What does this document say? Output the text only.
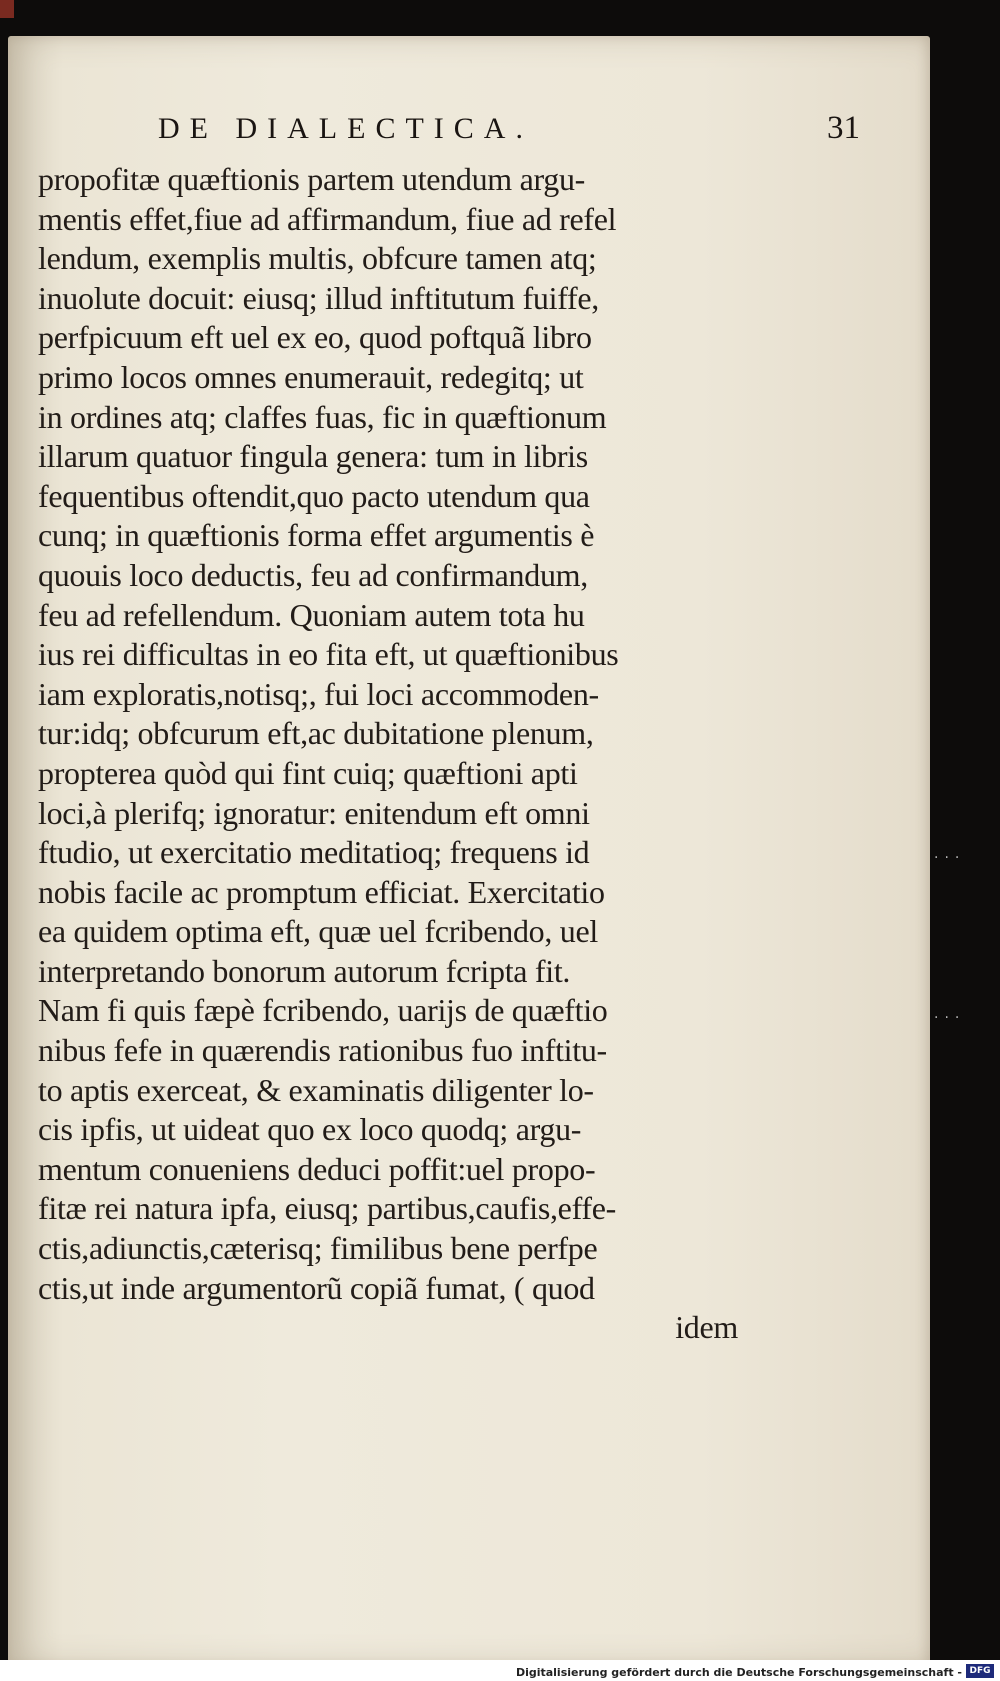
DE DIALECTICA.	31
propofitæ quæftionis partem utendum argu-
mentis effet,fiue ad affirmandum, fiue ad refel
lendum, exemplis multis, obfcure tamen atq;
inuolute docuit: eiusq; illud inftitutum fuiffe,
perfpicuum eft uel ex eo, quod poftquã libro
primo locos omnes enumerauit, redegitq; ut
in ordines atq; claffes fuas, fic in quæftionum
illarum quatuor fingula genera: tum in libris
fequentibus oftendit,quo pacto utendum qua
cunq; in quæftionis forma effet argumentis è
quouis loco deductis, feu ad confirmandum,
feu ad refellendum. Quoniam autem tota hu
ius rei difficultas in eo fita eft, ut quæftionibus
iam exploratis,notisq;, fui loci accommoden-
tur:idq; obfcurum eft,ac dubitatione plenum,
propterea quòd qui fint cuiq; quæftioni apti
loci,à plerifq; ignoratur: enitendum eft omni
ftudio, ut exercitatio meditatioq; frequens id
nobis facile ac promptum efficiat. Exercitatio
ea quidem optima eft, quæ uel fcribendo, uel
interpretando bonorum autorum fcripta fit.
Nam fi quis fæpè fcribendo, uarijs de quæftio
nibus fefe in quærendis rationibus fuo inftitu-
to aptis exerceat, & examinatis diligenter lo-
cis ipfis, ut uideat quo ex loco quodq; argu-
mentum conueniens deduci poffit:uel propo-
fitæ rei natura ipfa, eiusq; partibus,caufis,effe-
ctis,adiunctis,cæterisq; fimilibus bene perfpe
ctis,ut inde argumentorũ copiã fumat, ( quod
idem
···
···
Digitalisierung gefördert durch die Deutsche Forschungsgemeinschaft - DFG
